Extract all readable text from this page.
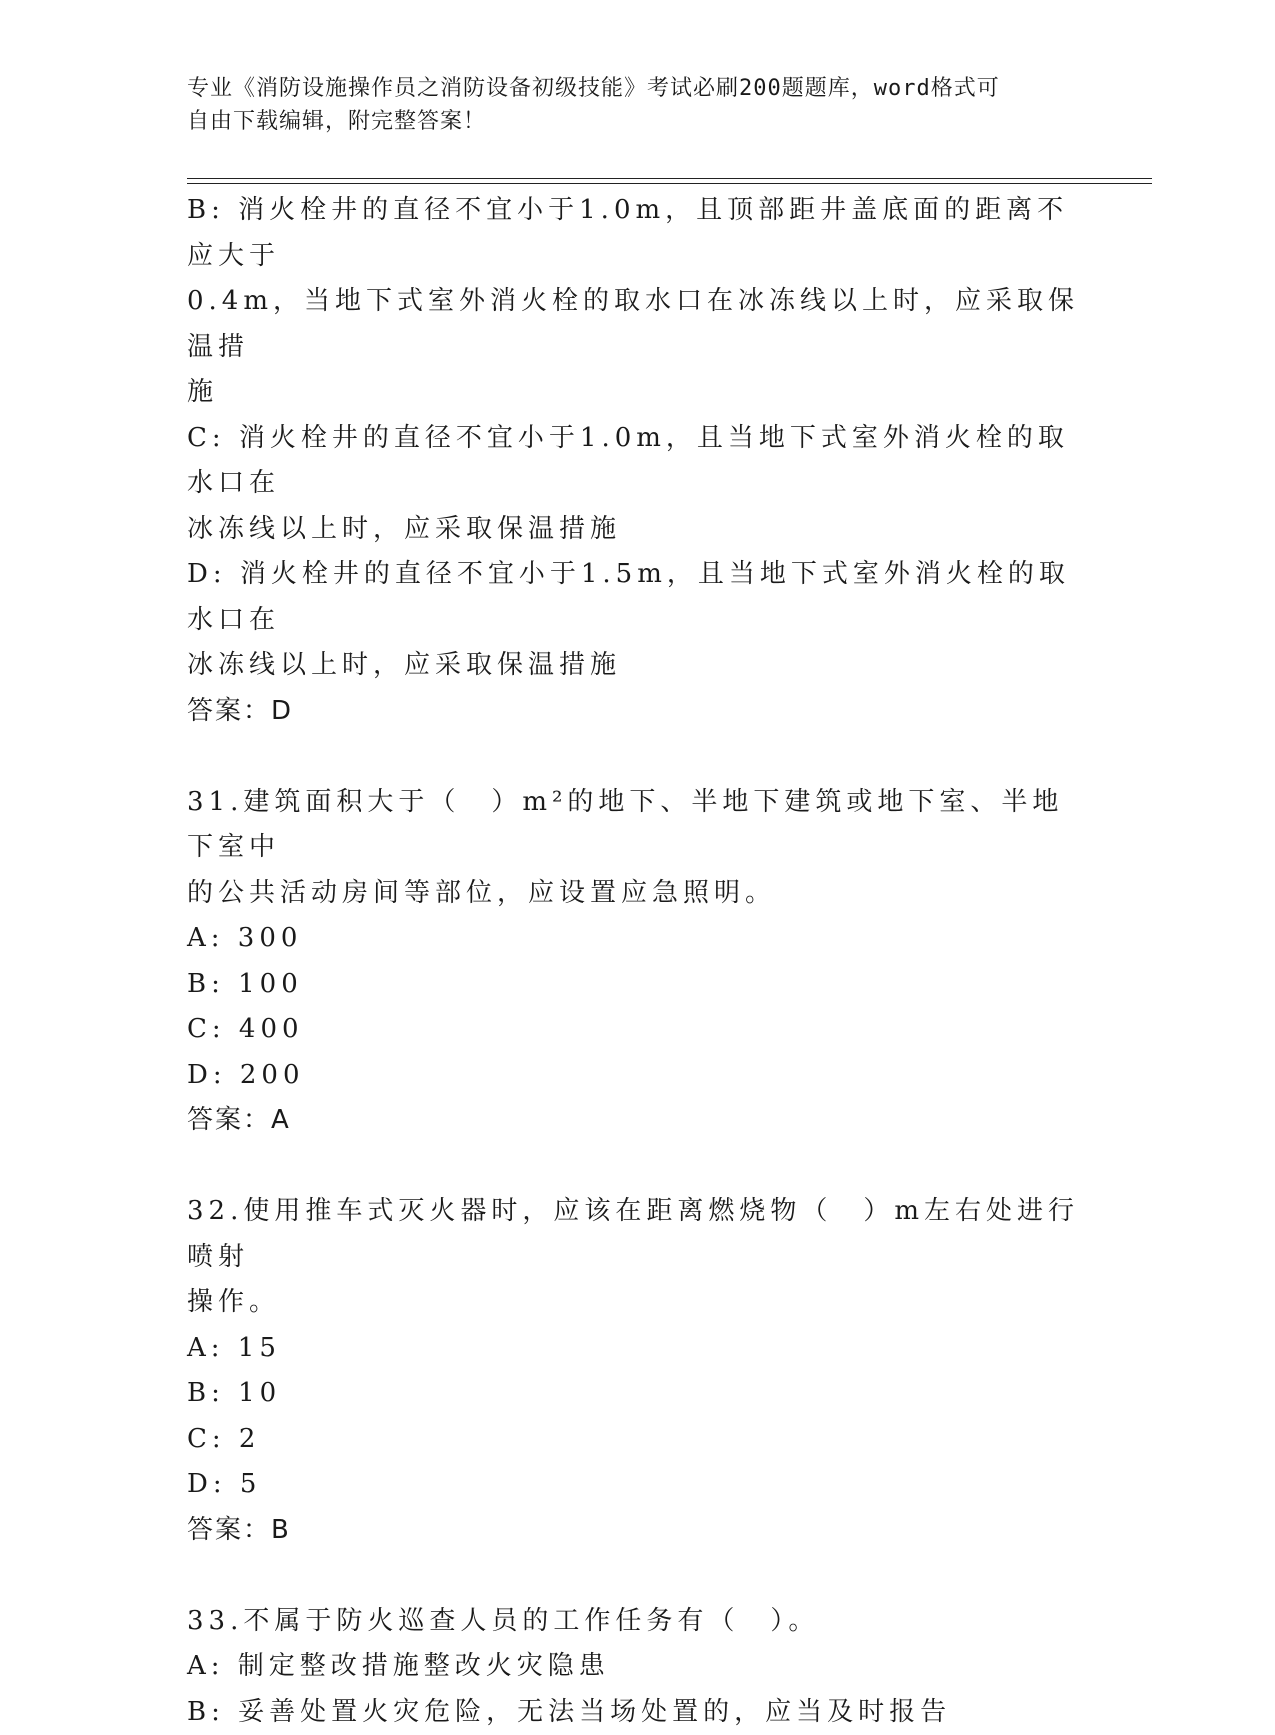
专业《消防设施操作员之消防设备初级技能》考试必刷200题题库，word格式可
自由下载编辑，附完整答案！

B: 消火栓井的直径不宜小于1.0m，且顶部距井盖底面的距离不应大于

0.4m，当地下式室外消火栓的取水口在冰冻线以上时，应采取保温措

施

C: 消火栓井的直径不宜小于1.0m，且当地下式室外消火栓的取水口在

冰冻线以上时，应采取保温措施

D: 消火栓井的直径不宜小于1.5m，且当地下式室外消火栓的取水口在

冰冻线以上时，应采取保温措施

答案：D

31.建筑面积大于（　）m²的地下、半地下建筑或地下室、半地下室中

的公共活动房间等部位，应设置应急照明。

A: 300

B: 100

C: 400

D: 200

答案：A

32.使用推车式灭火器时，应该在距离燃烧物（　）m左右处进行喷射

操作。

A: 15

B: 10

C: 2

D: 5

答案：B

33.不属于防火巡查人员的工作任务有（　）。

A: 制定整改措施整改火灾隐患

B: 妥善处置火灾危险，无法当场处置的，应当及时报告
